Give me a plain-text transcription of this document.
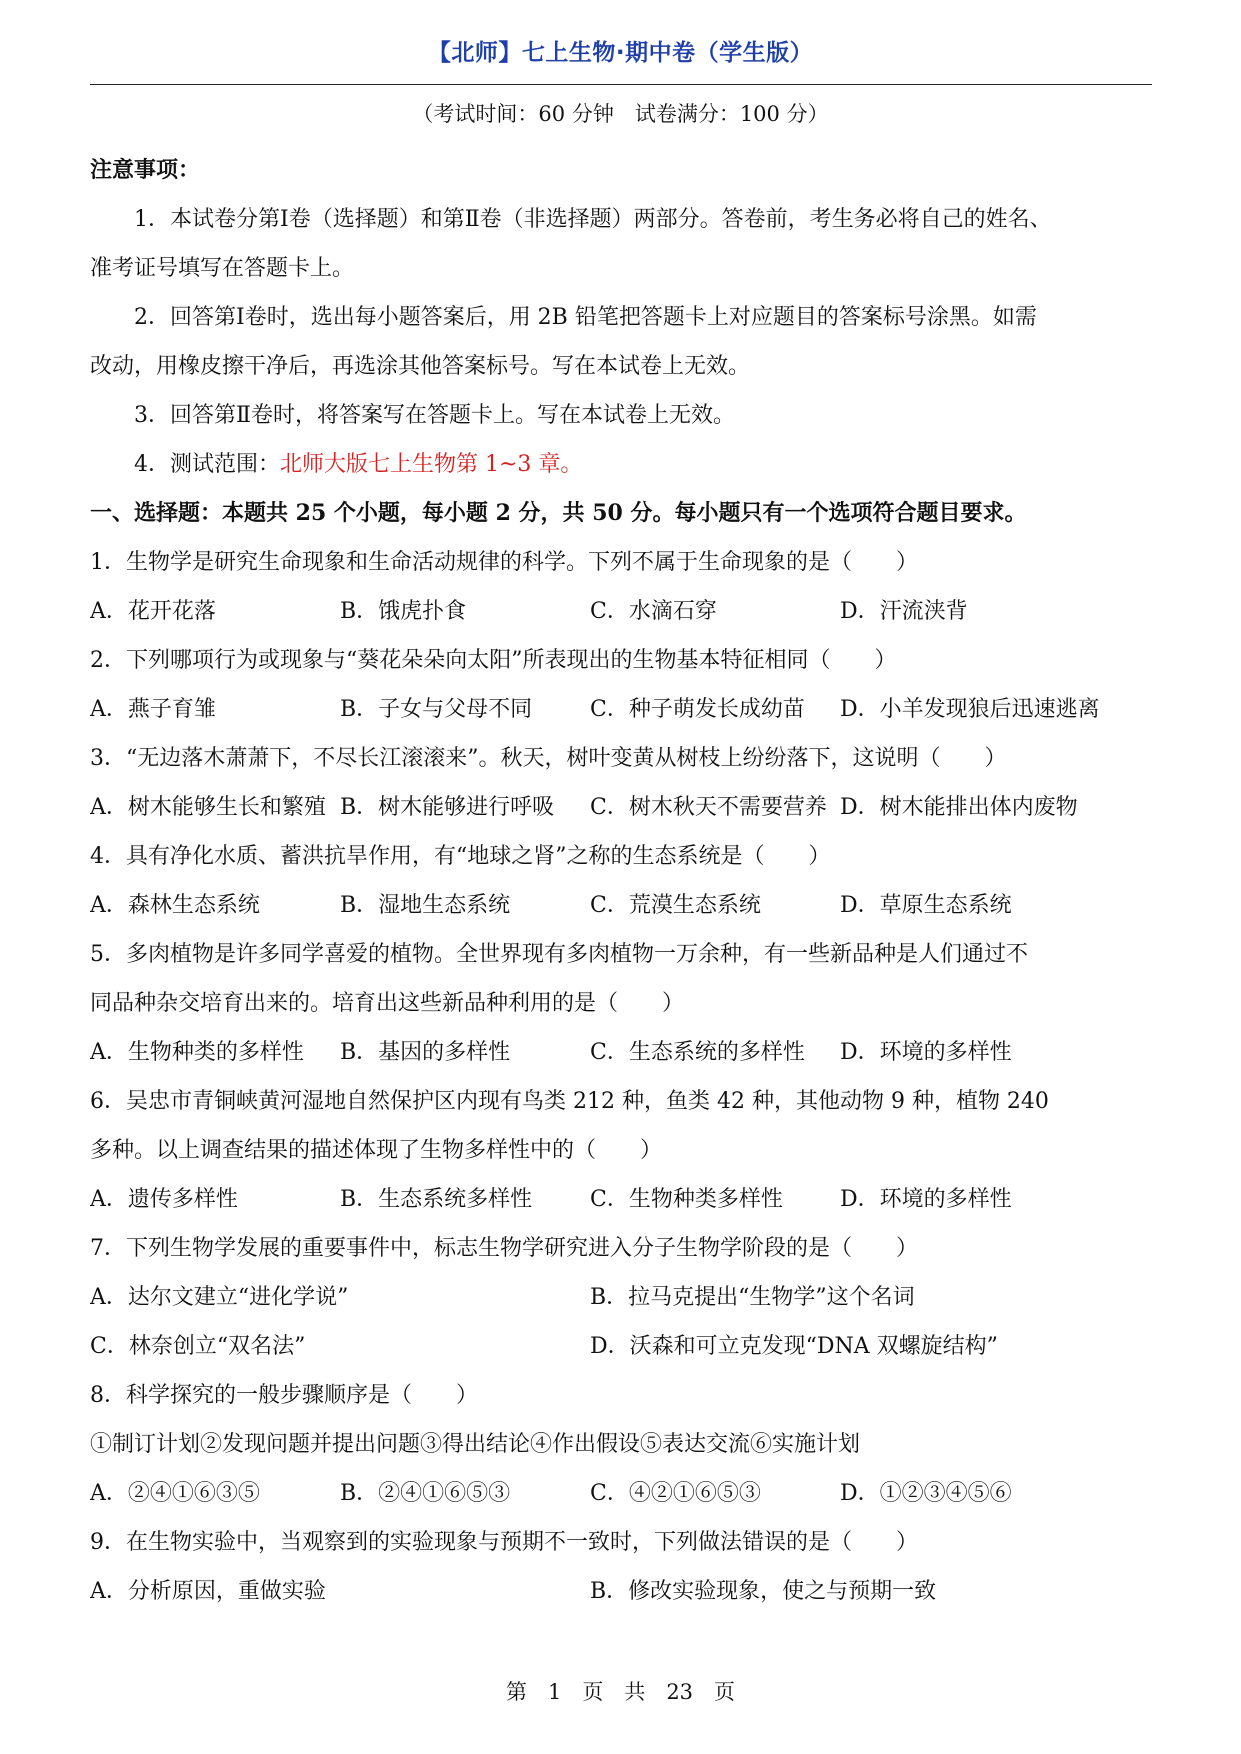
【北师】七上生物·期中卷（学生版）
（考试时间：60 分钟　试卷满分：100 分）
注意事项：
1．本试卷分第Ⅰ卷（选择题）和第Ⅱ卷（非选择题）两部分。答卷前，考生务必将自己的姓名、
准考证号填写在答题卡上。
2．回答第Ⅰ卷时，选出每小题答案后，用 2B 铅笔把答题卡上对应题目的答案标号涂黑。如需
改动，用橡皮擦干净后，再选涂其他答案标号。写在本试卷上无效。
3．回答第Ⅱ卷时，将答案写在答题卡上。写在本试卷上无效。
4．测试范围：北师大版七上生物第 1~3 章。
一、选择题：本题共 25 个小题，每小题 2 分，共 50 分。每小题只有一个选项符合题目要求。
1．生物学是研究生命现象和生命活动规律的科学。下列不属于生命现象的是（　　）
A．花开花落	B．饿虎扑食	C．水滴石穿	D．汗流浃背
2．下列哪项行为或现象与“葵花朵朵向太阳”所表现出的生物基本特征相同（　　）
A．燕子育雏	B．子女与父母不同	C．种子萌发长成幼苗	D．小羊发现狼后迅速逃离
3．“无边落木萧萧下，不尽长江滚滚来”。秋天，树叶变黄从树枝上纷纷落下，这说明（　　）
A．树木能够生长和繁殖 B．树木能够进行呼吸	C．树木秋天不需要营养 D．树木能排出体内废物
4．具有净化水质、蓄洪抗旱作用，有“地球之肾”之称的生态系统是（　　）
A．森林生态系统	B．湿地生态系统	C．荒漠生态系统	D．草原生态系统
5．多肉植物是许多同学喜爱的植物。全世界现有多肉植物一万余种，有一些新品种是人们通过不
同品种杂交培育出来的。培育出这些新品种利用的是（　　）
A．生物种类的多样性	B．基因的多样性	C．生态系统的多样性	D．环境的多样性
6．吴忠市青铜峡黄河湿地自然保护区内现有鸟类 212 种，鱼类 42 种，其他动物 9 种，植物 240
多种。以上调查结果的描述体现了生物多样性中的（　　）
A．遗传多样性	B．生态系统多样性	C．生物种类多样性	D．环境的多样性
7．下列生物学发展的重要事件中，标志生物学研究进入分子生物学阶段的是（　　）
A．达尔文建立“进化学说”	B．拉马克提出“生物学”这个名词
C．林奈创立“双名法”	D．沃森和可立克发现“DNA 双螺旋结构”
8．科学探究的一般步骤顺序是（　　）
①制订计划②发现问题并提出问题③得出结论④作出假设⑤表达交流⑥实施计划
A．②④①⑥③⑤	B．②④①⑥⑤③	C．④②①⑥⑤③	D．①②③④⑤⑥
9．在生物实验中，当观察到的实验现象与预期不一致时，下列做法错误的是（　　）
A．分析原因，重做实验	B．修改实验现象，使之与预期一致
第　1　页　共　23　页
